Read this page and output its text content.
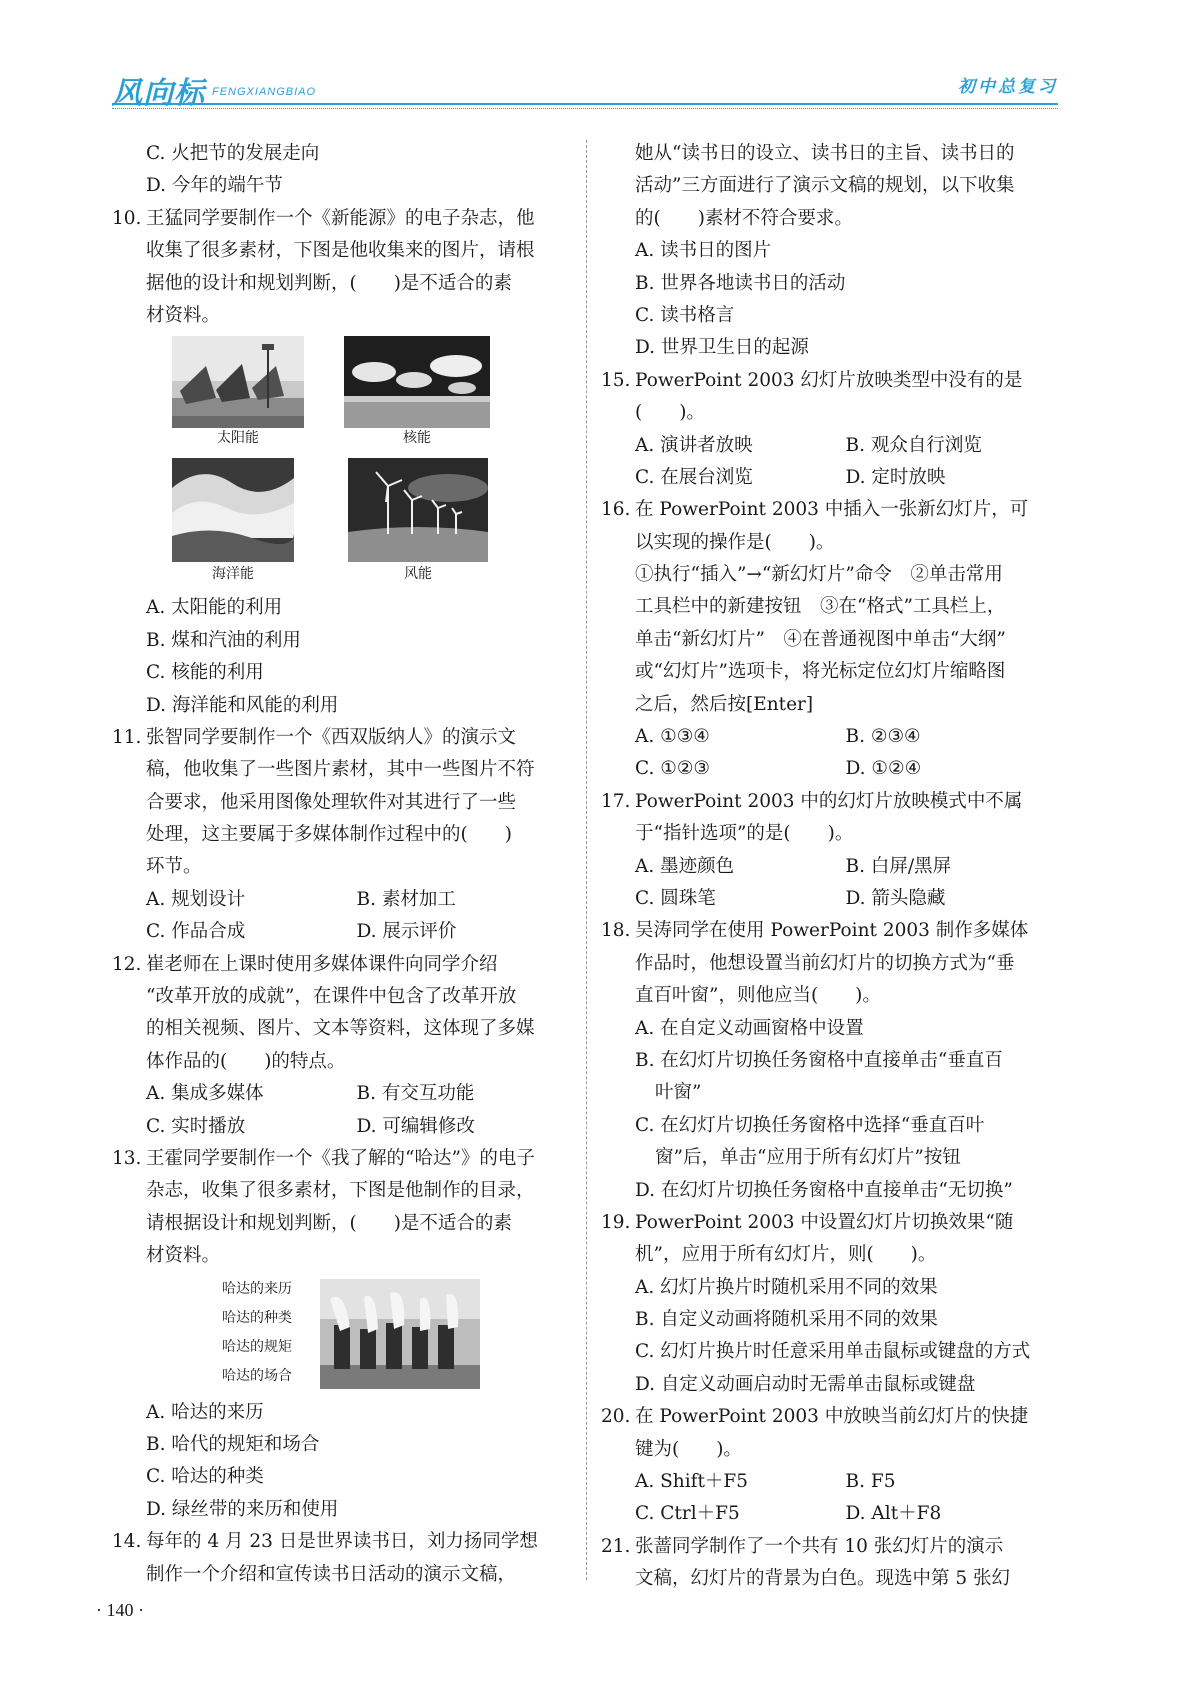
风向标 FENGXIANGBIAO	初中总复习
C. 火把节的发展走向
D. 今年的端午节
10. 王猛同学要制作一个《新能源》的电子杂志，他
收集了很多素材，下图是他收集来的图片，请根
据他的设计和规划判断，(　　)是不适合的素
材资料。
太阳能	核能
海洋能	风能
A. 太阳能的利用
B. 煤和汽油的利用
C. 核能的利用
D. 海洋能和风能的利用
11. 张智同学要制作一个《西双版纳人》的演示文
稿，他收集了一些图片素材，其中一些图片不符
合要求，他采用图像处理软件对其进行了一些
处理，这主要属于多媒体制作过程中的(　　)
环节。
A. 规划设计	B. 素材加工
C. 作品合成	D. 展示评价
12. 崔老师在上课时使用多媒体课件向同学介绍
“改革开放的成就”，在课件中包含了改革开放
的相关视频、图片、文本等资料，这体现了多媒
体作品的(　　)的特点。
A. 集成多媒体	B. 有交互功能
C. 实时播放	D. 可编辑修改
13. 王霍同学要制作一个《我了解的“哈达”》的电子
杂志，收集了很多素材，下图是他制作的目录，
请根据设计和规划判断，(　　)是不适合的素
材资料。
哈达的来历
哈达的种类
哈达的规矩
哈达的场合
A. 哈达的来历
B. 哈代的规矩和场合
C. 哈达的种类
D. 绿丝带的来历和使用
14. 每年的 4 月 23 日是世界读书日，刘力扬同学想
制作一个介绍和宣传读书日活动的演示文稿，
她从“读书日的设立、读书日的主旨、读书日的
活动”三方面进行了演示文稿的规划，以下收集
的(　　)素材不符合要求。
A. 读书日的图片
B. 世界各地读书日的活动
C. 读书格言
D. 世界卫生日的起源
15. PowerPoint 2003 幻灯片放映类型中没有的是
(　　)。
A. 演讲者放映	B. 观众自行浏览
C. 在展台浏览	D. 定时放映
16. 在 PowerPoint 2003 中插入一张新幻灯片，可
以实现的操作是(　　)。
①执行“插入”→“新幻灯片”命令　②单击常用
工具栏中的新建按钮　③在“格式”工具栏上，
单击“新幻灯片”　④在普通视图中单击“大纲”
或“幻灯片”选项卡，将光标定位幻灯片缩略图
之后，然后按[Enter]
A. ①③④	B. ②③④
C. ①②③	D. ①②④
17. PowerPoint 2003 中的幻灯片放映模式中不属
于“指针选项”的是(　　)。
A. 墨迹颜色	B. 白屏/黑屏
C. 圆珠笔	D. 箭头隐藏
18. 吴涛同学在使用 PowerPoint 2003 制作多媒体
作品时，他想设置当前幻灯片的切换方式为“垂
直百叶窗”，则他应当(　　)。
A. 在自定义动画窗格中设置
B. 在幻灯片切换任务窗格中直接单击“垂直百
叶窗”
C. 在幻灯片切换任务窗格中选择“垂直百叶
窗”后，单击“应用于所有幻灯片”按钮
D. 在幻灯片切换任务窗格中直接单击“无切换”
19. PowerPoint 2003 中设置幻灯片切换效果“随
机”，应用于所有幻灯片，则(　　)。
A. 幻灯片换片时随机采用不同的效果
B. 自定义动画将随机采用不同的效果
C. 幻灯片换片时任意采用单击鼠标或键盘的方式
D. 自定义动画启动时无需单击鼠标或键盘
20. 在 PowerPoint 2003 中放映当前幻灯片的快捷
键为(　　)。
A. Shift＋F5	B. F5
C. Ctrl＋F5	D. Alt＋F8
21. 张蔷同学制作了一个共有 10 张幻灯片的演示
文稿，幻灯片的背景为白色。现选中第 5 张幻
· 140 ·
